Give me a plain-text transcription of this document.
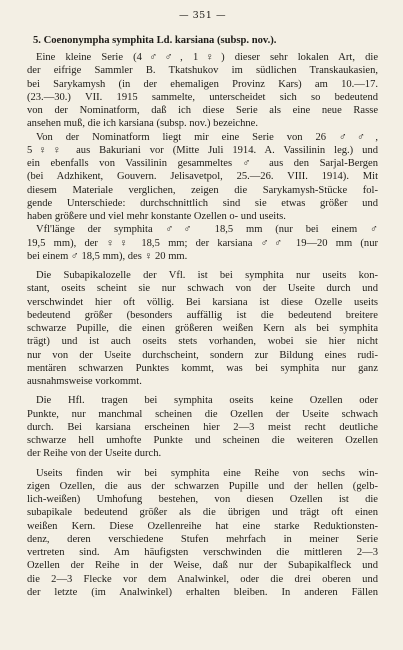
— 351 —
5. Coenonympha symphita Ld. karsiana (subsp. nov.).
Eine kleine Serie (4♂♂, 1♀) dieser sehr lokalen Art, die
der eifrige Sammler B. Tkatshukov im südlichen Transkaukasien,
bei Sarykamysh (in der ehemaligen Provinz Kars) am 10.—17.
(23.—30.) VII. 1915 sammelte, unterscheidet sich so bedeutend
von der Nominatform, daß ich diese Serie als eine neue Rasse
ansehen muß, die ich karsiana (subsp. nov.) bezeichne.
Von der Nominatform liegt mir eine Serie von 26 ♂♂,
5♀♀ aus Bakuriani vor (Mitte Juli 1914. A. Vassilinin leg.) und
ein ebenfalls von Vassilinin gesammeltes ♂ aus den Sarjal-Bergen
(bei Adzhikent, Gouvern. Jelisavetpol, 25.—26. VIII. 1914). Mit
diesem Materiale verglichen, zeigen die Sarykamysh-Stücke fol-
gende Unterschiede: durchschnittlich sind sie etwas größer und
haben größere und viel mehr konstante Ozellen o- und useits.
Vfl'länge der symphita ♂♂ 18,5 mm (nur bei einem ♂
19,5 mm), der ♀♀ 18,5 mm; der karsiana ♂♂ 19—20 mm (nur
bei einem ♂ 18,5 mm), des ♀ 20 mm.
Die Subapikalozelle der Vfl. ist bei symphita nur useits kon-
stant, oseits scheint sie nur schwach von der Useite durch und
verschwindet hier oft völlig. Bei karsiana ist diese Ozelle useits
bedeutend größer (besonders auffällig ist die bedeutend breitere
schwarze Pupille, die einen größeren weißen Kern als bei symphita
trägt) und ist auch oseits stets vorhanden, wobei sie hier nicht
nur von der Useite durchscheint, sondern zur Bildung eines rudi-
mentären schwarzen Punktes kommt, was bei symphita nur ganz
ausnahmsweise vorkommt.
Die Hfl. tragen bei symphita oseits keine Ozellen oder
Punkte, nur manchmal scheinen die Ozellen der Useite schwach
durch. Bei karsiana erscheinen hier 2—3 meist recht deutliche
schwarze hell umhofte Punkte und scheinen die weiteren Ozellen
der Reihe von der Useite durch.
Useits finden wir bei symphita eine Reihe von sechs win-
zigen Ozellen, die aus der schwarzen Pupille und der hellen (gelb-
lich-weißen) Umhofung bestehen, von diesen Ozellen ist die
subapikale bedeutend größer als die übrigen und trägt oft einen
weißen Kern. Diese Ozellenreihe hat eine starke Reduktionsten-
denz, deren verschiedene Stufen mehrfach in meiner Serie
vertreten sind. Am häufigsten verschwinden die mittleren 2—3
Ozellen der Reihe in der Weise, daß nur der Subapikalfleck und
die 2—3 Flecke vor dem Analwinkel, oder die drei oberen und
der letzte (im Analwinkel) erhalten bleiben. In anderen Fällen
